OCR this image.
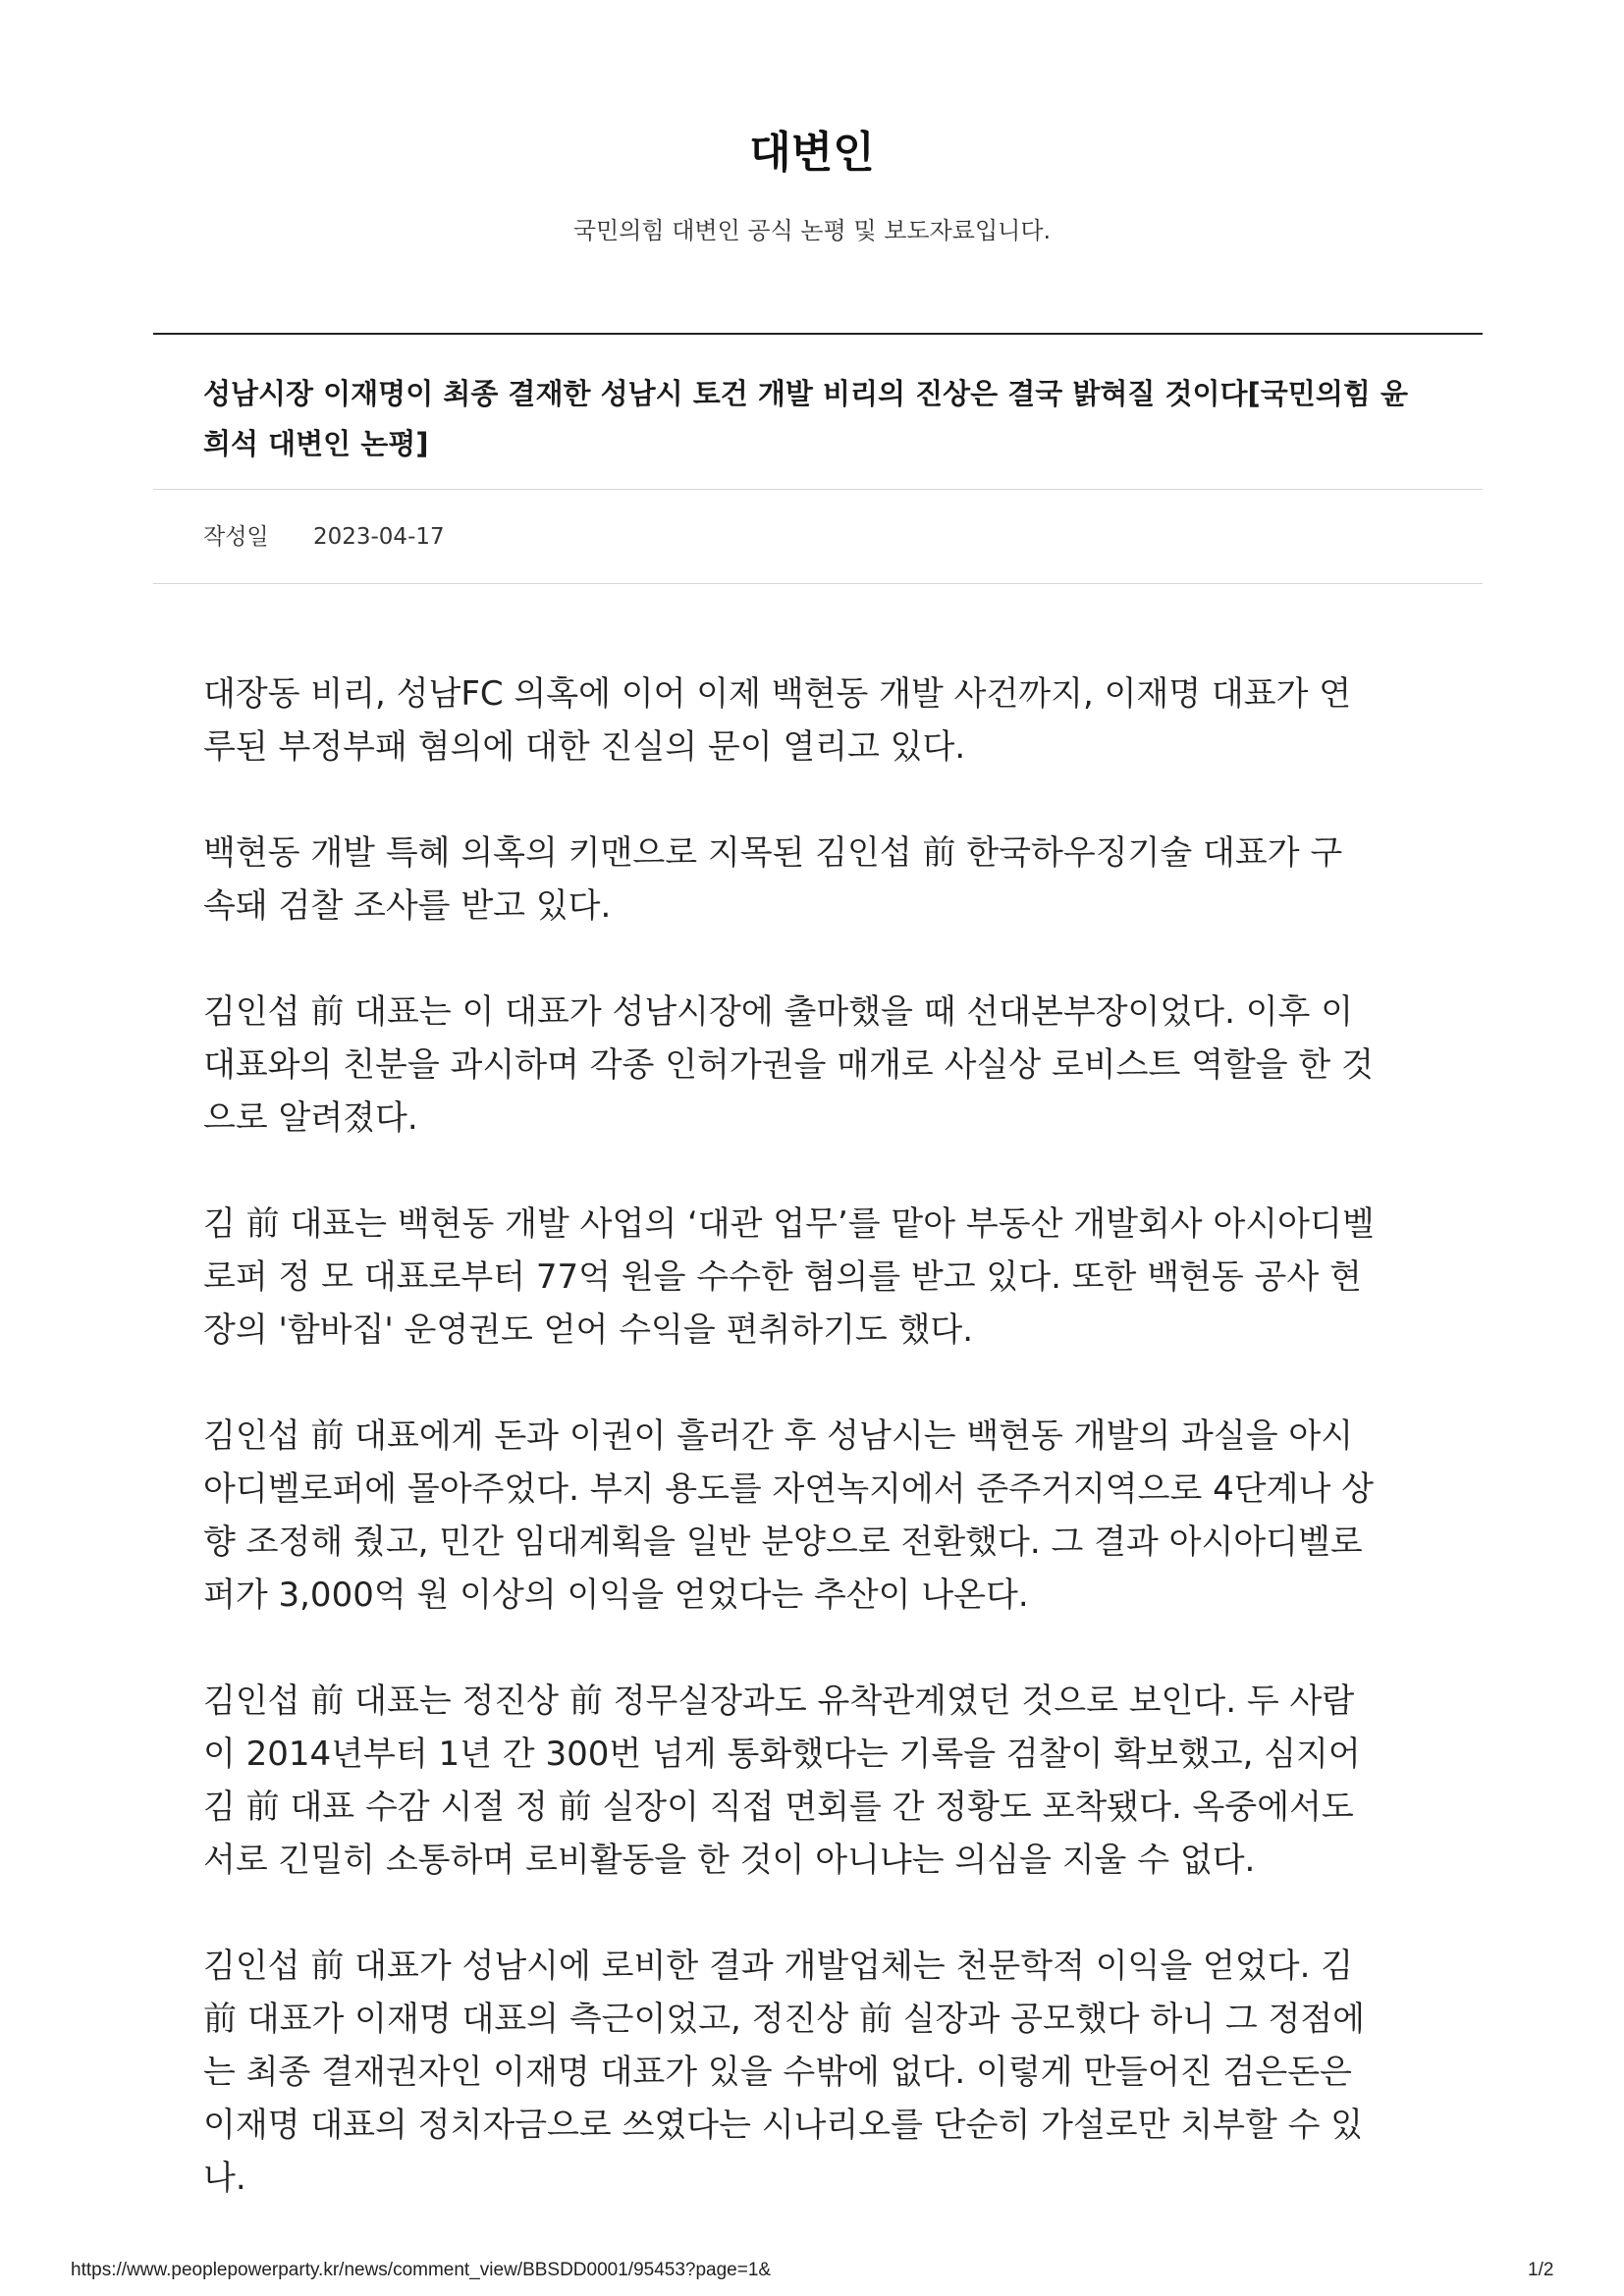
대변인
국민의힘 대변인 공식 논평 및 보도자료입니다.
성남시장 이재명이 최종 결재한 성남시 토건 개발 비리의 진상은 결국 밝혀질 것이다[국민의힘 윤
희석 대변인 논평]
작성일 2023-04-17

대장동 비리, 성남FC 의혹에 이어 이제 백현동 개발 사건까지, 이재명 대표가 연
루된 부정부패 혐의에 대한 진실의 문이 열리고 있다.

백현동 개발 특혜 의혹의 키맨으로 지목된 김인섭 前 한국하우징기술 대표가 구
속돼 검찰 조사를 받고 있다.

김인섭 前 대표는 이 대표가 성남시장에 출마했을 때 선대본부장이었다. 이후 이
대표와의 친분을 과시하며 각종 인허가권을 매개로 사실상 로비스트 역할을 한 것
으로 알려졌다.

김 前 대표는 백현동 개발 사업의 ‘대관 업무’를 맡아 부동산 개발회사 아시아디벨
로퍼 정 모 대표로부터 77억 원을 수수한 혐의를 받고 있다. 또한 백현동 공사 현
장의 '함바집' 운영권도 얻어 수익을 편취하기도 했다.

김인섭 前 대표에게 돈과 이권이 흘러간 후 성남시는 백현동 개발의 과실을 아시
아디벨로퍼에 몰아주었다. 부지 용도를 자연녹지에서 준주거지역으로 4단계나 상
향 조정해 줬고, 민간 임대계획을 일반 분양으로 전환했다. 그 결과 아시아디벨로
퍼가 3,000억 원 이상의 이익을 얻었다는 추산이 나온다.

김인섭 前 대표는 정진상 前 정무실장과도 유착관계였던 것으로 보인다. 두 사람
이 2014년부터 1년 간 300번 넘게 통화했다는 기록을 검찰이 확보했고, 심지어
김 前 대표 수감 시절 정 前 실장이 직접 면회를 간 정황도 포착됐다. 옥중에서도
서로 긴밀히 소통하며 로비활동을 한 것이 아니냐는 의심을 지울 수 없다.

김인섭 前 대표가 성남시에 로비한 결과 개발업체는 천문학적 이익을 얻었다. 김
前 대표가 이재명 대표의 측근이었고, 정진상 前 실장과 공모했다 하니 그 정점에
는 최종 결재권자인 이재명 대표가 있을 수밖에 없다. 이렇게 만들어진 검은돈은
이재명 대표의 정치자금으로 쓰였다는 시나리오를 단순히 가설로만 치부할 수 있
나.

https://www.peoplepowerparty.kr/news/comment_view/BBSDD0001/95453?page=1&	1/2
